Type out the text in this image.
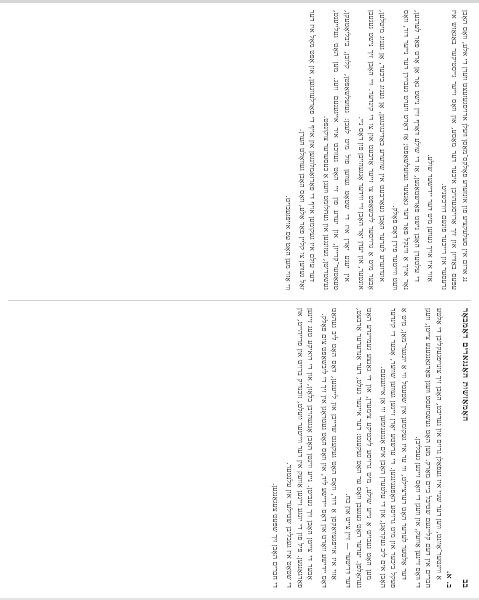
נג ארום אין סעלעקציע פון אונזערע פאָלקס־מאַסן װעלן ארויסגעזעצט װערן די אלע, װאָס האָבן עפּעס באַװיזן און זיך אַרויסגעהויבן איבער דער מאַסע, און װאָס זייער גייסטיקער באַגאַזש איז גרעסער און רייכער פונעם דורכשניט.

אַזוי איז אויך געװען מיט דער יידישער שולע.

די עלטערן האָבן נישט פאַרשטאַנען, אַז די שולע דאַרף זיין נישט נאָר אַן אָרט פאַר לערנען, נאָר אויך אַ װינקל פאַר דער גאַנצער געזעלשאַפט; אַז דאָרט װערט געבוירן דער נייער דור, װאָס װעט ווייטער פירן דאָס פאָלק.

אונדזערע לערער האָבן געאַרבעט אין שווערע באַדינגונגען, אָן גענוג ביכער, אָן גענוג מיטלען, אָבער מיט אַ גרויסער ליבשאַפט צו זייער אַרבעט און צו די קינדער. זיי האָבן זיך נישט געגעבן אונטער, און יעדן יאָר האָבן זיי ווידער אָנגעהויבן פון דאָס ניי.

אין יענע יאָרן איז די שטאָט געװען פול מיט לעבן: געזעלשאַפטן, קלובן, ביבליאָטעקן, טעאַטער־קרייזן, און יעדע פון זיי האָט געזוכט איר אייגענעם וועג. מען האָט געלייענט, געשטריטן, געזונגען און געחלומט װעגן אַ בעסערער צוקונפט.

דער עולם איז געקומען אויף די פאַרזאַמלונגען און אויף די פאָרלעזונגען, און אָפט מאָל איז דער זאַל געװען צו קליין פאַר אַלע, װאָס האָבן געװאָלט הערן.

װי אַזוי מען האָט עס אויפגעבויט.
בב
האָמאַזשות האַנגארים דאַמבאָר
ב. א.

אַ ווינטער־אָוונט, ווען דער שניי איז געפאַלן גרויס און געדיכט, האָבן זיך צונויפגעקליבן די אַלטע חברים אין דעם קליינעם שטיבל ביים מאַרק. מען האָט געשמועסט װעגן פאַרגאַנגענע צייטן, װעגן די װאָס זיינען אַוועק, און װעגן די װאָס זיינען געבליבן.

דער אַלטער לערער האָט דערציילט, װי ער איז געקומען אין שטעטל ווי אַ יונגער־מאַן, מיט אַ פעקל ביכער און מיט גרויסע האָפענונגען. די ערשטע יאָרן זיינען געװען שווער, אָבער די קינדער האָבן אים ליב געקראָגן, און די עלטערן האָבן אים אָנגענומען ווי אַן אייגענעם.

מען האָט געבויט אַ נייע שולע, מיט גרויסע ליכטיקע צימערן, און די גאַנצע געמיינדע האָט געהאָלפן. יעדער האָט געגעבן װאָס ער האָט געקענט: דער איינער געלט, דער אַנדערער אַרבעט, דער דריטער — זיין צייט און כח.

אַזוי איז אויפגעוואַקסן אַ דור, װאָס האָט געקענט שרייבן און לייענען, װאָס האָט ליב געהאַט דאָס יידישע וואָרט און דאָס יידישע ליד, און װאָס האָט געטראָגן אין זיך די ליבשאַפט צום פאָלק.

אָבער די צייטן האָבן זיך געביטן. נייע ווינטן האָבן אָנגעהויבן בלאָזן, און די רואיקע טעג זיינען פאַרגאַנגען. פיל פון די יונגע זיינען אַוועק אין דער ווייטער וועלט, זוכנדיק ברויט און פרייהייט, און די שטאָט איז געבליבן שטילער און עלנטער.

די חברים האָבן זיך שפּעט צעגאַנגען.
